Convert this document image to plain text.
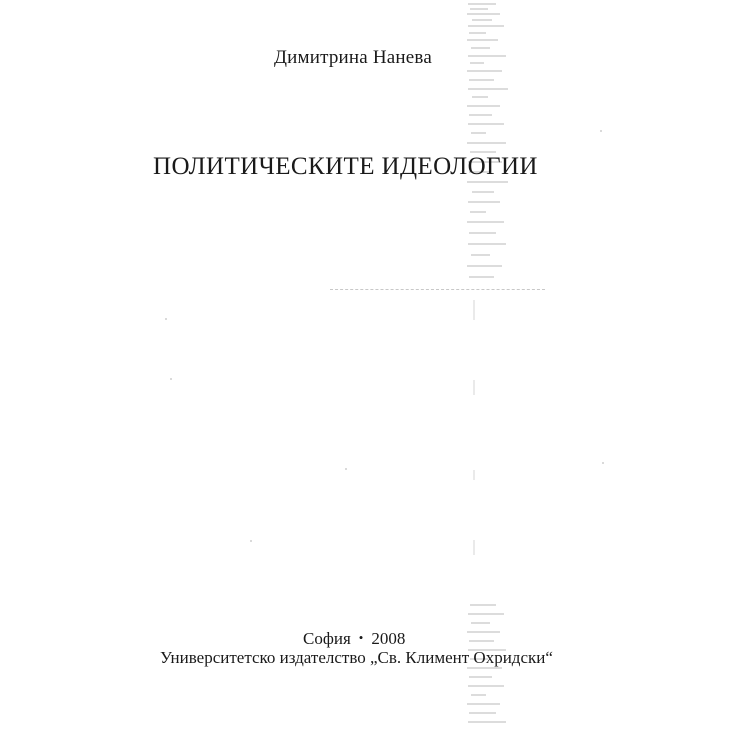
Димитрина Нанева
ПОЛИТИЧЕСКИТЕ ИДЕОЛОГИИ
София • 2008
Университетско издателство „Св. Климент Охридски“
